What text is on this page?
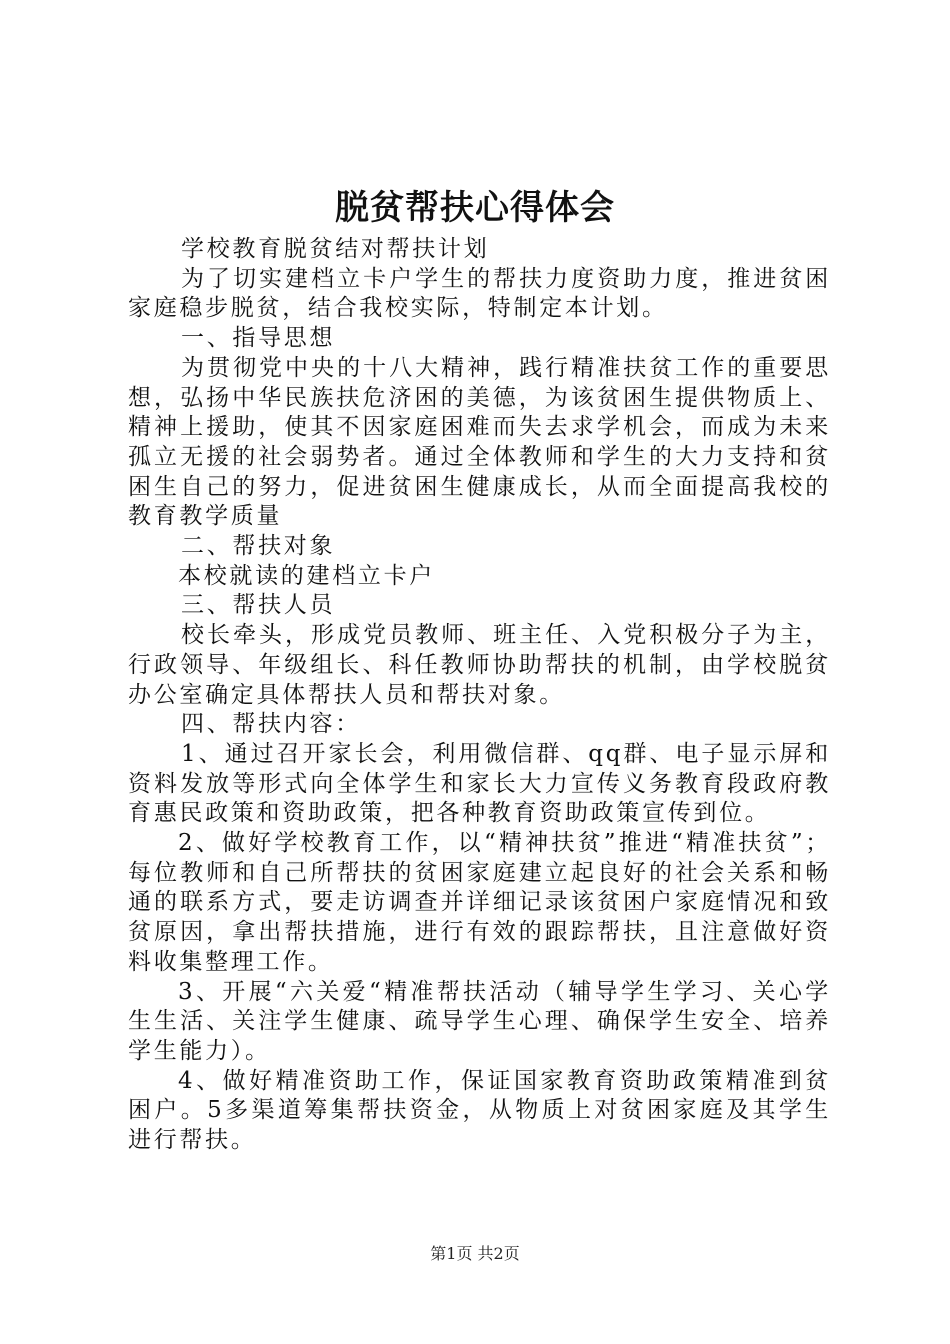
脱贫帮扶心得体会

学校教育脱贫结对帮扶计划

为了切实建档立卡户学生的帮扶力度资助力度，推进贫困家庭稳步脱贫，结合我校实际，特制定本计划。

一、指导思想

为贯彻党中央的十八大精神，践行精准扶贫工作的重要思想，弘扬中华民族扶危济困的美德，为该贫困生提供物质上、精神上援助，使其不因家庭困难而失去求学机会，而成为未来孤立无援的社会弱势者。通过全体教师和学生的大力支持和贫困生自己的努力，促进贫困生健康成长，从而全面提高我校的教育教学质量

二、帮扶对象

本校就读的建档立卡户

三、帮扶人员

校长牵头，形成党员教师、班主任、入党积极分子为主，行政领导、年级组长、科任教师协助帮扶的机制，由学校脱贫办公室确定具体帮扶人员和帮扶对象。

四、帮扶内容：

1、通过召开家长会，利用微信群、qq群、电子显示屏和资料发放等形式向全体学生和家长大力宣传义务教育段政府教育惠民政策和资助政策，把各种教育资助政策宣传到位。

2、做好学校教育工作，以“精神扶贫”推进“精准扶贫”；每位教师和自己所帮扶的贫困家庭建立起良好的社会关系和畅通的联系方式，要走访调查并详细记录该贫困户家庭情况和致贫原因，拿出帮扶措施，进行有效的跟踪帮扶，且注意做好资料收集整理工作。

3、开展“六关爱“精准帮扶活动（辅导学生学习、关心学生生活、关注学生健康、疏导学生心理、确保学生安全、培养学生能力）。

4、做好精准资助工作，保证国家教育资助政策精准到贫困户。5多渠道筹集帮扶资金，从物质上对贫困家庭及其学生进行帮扶。

第1页 共2页
